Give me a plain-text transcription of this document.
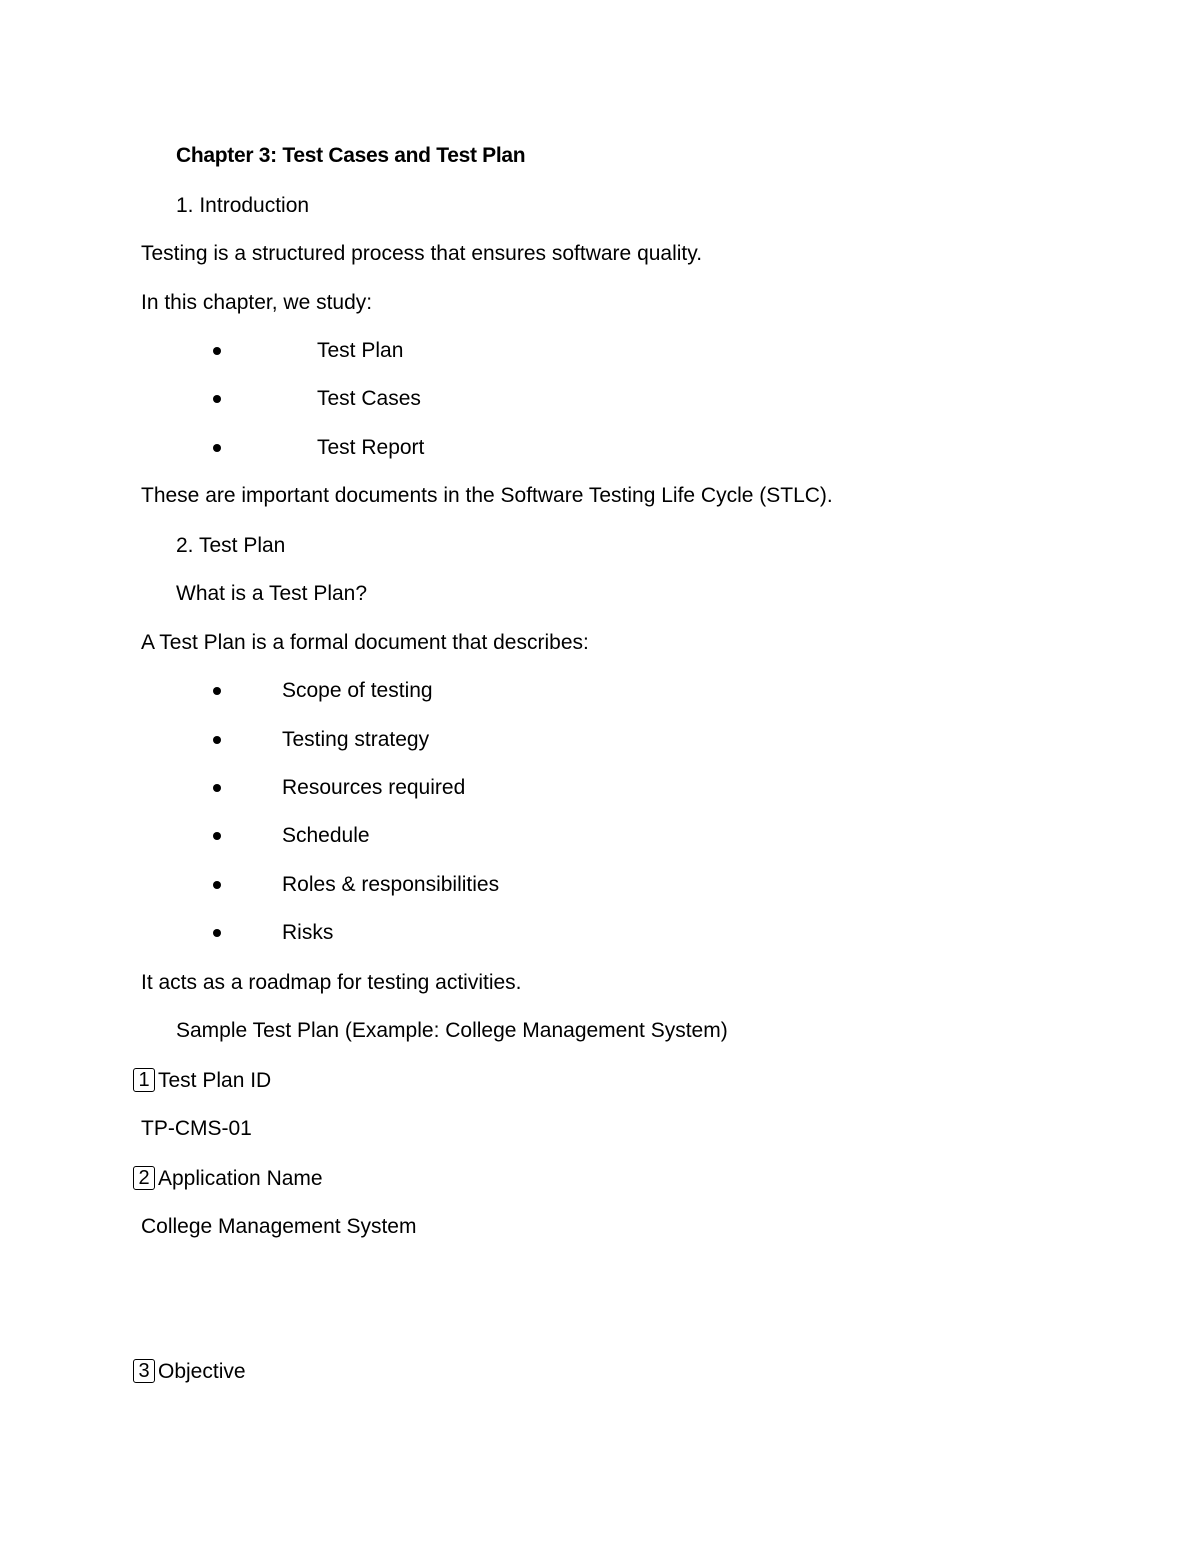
Chapter 3: Test Cases and Test Plan
1. Introduction
Testing is a structured process that ensures software quality.
In this chapter, we study:
Test Plan
Test Cases
Test Report
These are important documents in the Software Testing Life Cycle (STLC).
2. Test Plan
What is a Test Plan?
A Test Plan is a formal document that describes:
Scope of testing
Testing strategy
Resources required
Schedule
Roles & responsibilities
Risks
It acts as a roadmap for testing activities.
Sample Test Plan (Example: College Management System)
1 Test Plan ID
TP-CMS-01
2 Application Name
College Management System
3 Objective
